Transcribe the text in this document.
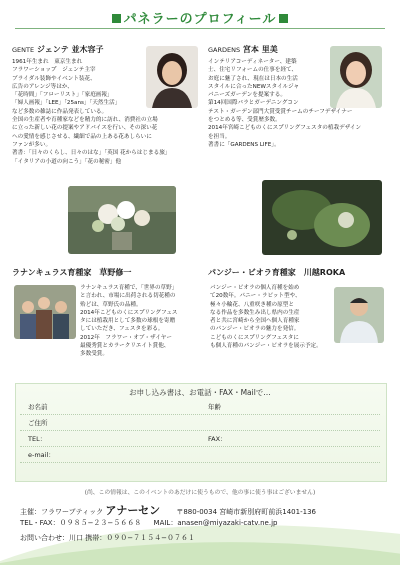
パネラーのプロフィール
GENTE ジェンテ 並木容子

1961年生まれ　東京生まれ

フラワーショップ　ジェンテ主宰

ブライダル装飾やイベント装花、

広告のアレンジ等はか、

「花時間」「フローリスト」「家庭画報」

「婦人画報」「LEE」「25ans」「天然生活」

など多数の雑誌に作品発表している。

全国の生産者や育種家などを精力的に訪れ、消費社の立場

に立った新しい花の提案やアドバイスを行い、その深い花

への愛情を感じさせる、繊細で品の上ある花あしらいに

ファンが多い。

著書：「日々のくらし、日々のはな」「英国 花からはじまる旅」

「イタリアの小道の向こう」「花の秘密」他

GARDENS 宮本 里美

インテリアコーディネーター、建築

士、住宅リフォームの仕事を経て、

お庭に魅了され、現在は日本の生活

スタイルに合ったNEWスタイルジャ

パニーズガーデンを提案する。

第14回国際バラとガーデニングコン

テスト・ガーデン部門大賞受賞チームのチーフデザイナー

をつとめる等、受賞歴多数。

2014年宮崎こどものくにスプリングフェスタの植栽デザイン

を担当。

著書に「GARDENS LIFE」。

ラナンキュラス育種家　草野修一

ラナンキュラス育種で、「世界の草野」

と言われ、市場に出荷される切花種の

殆どは、草野氏の品種。

2014年こどものくにスプリングフェス

タには植栽用として多数の球根を寄贈

していただき、フェスタを彩る。

2012年　フラワー・オブ・ザイヤー

最優秀賞とカラークリエイト賞他、

多数受賞。

パンジー・ビオラ育種家　川越ROKA

パンジー・ビオラの個人育種を始め

て20数年。パニー・ラビット型や、

極々小輪花、八重咲き種の原型と

なる作品を多数生み出し県内の生産

者と共に宮崎から全国へ個人育種家

のパンジー・ビオラの魅力を発信。

こどものくにスプリングフェスタに

も個人育種のパンジー・ビオラを展示予定。

お申し込み書は、お電話・FAX・Mailで…
お名前	年齢
ご住所
TEL：	FAX：
e-mail：
(尚、この情報は、このイベントのあだけに使うもので、他の事に使う事はございません)
主催：フラワーブティック アナーセン 〒880-0034 宮崎市新別府町前浜1401-136
TEL・FAX：０９８５−２３−５６６８ MAIL：anasen@miyazaki-catv.ne.jp
お問い合わせ：川口 携帯：０９０−７１５４−０７６１
